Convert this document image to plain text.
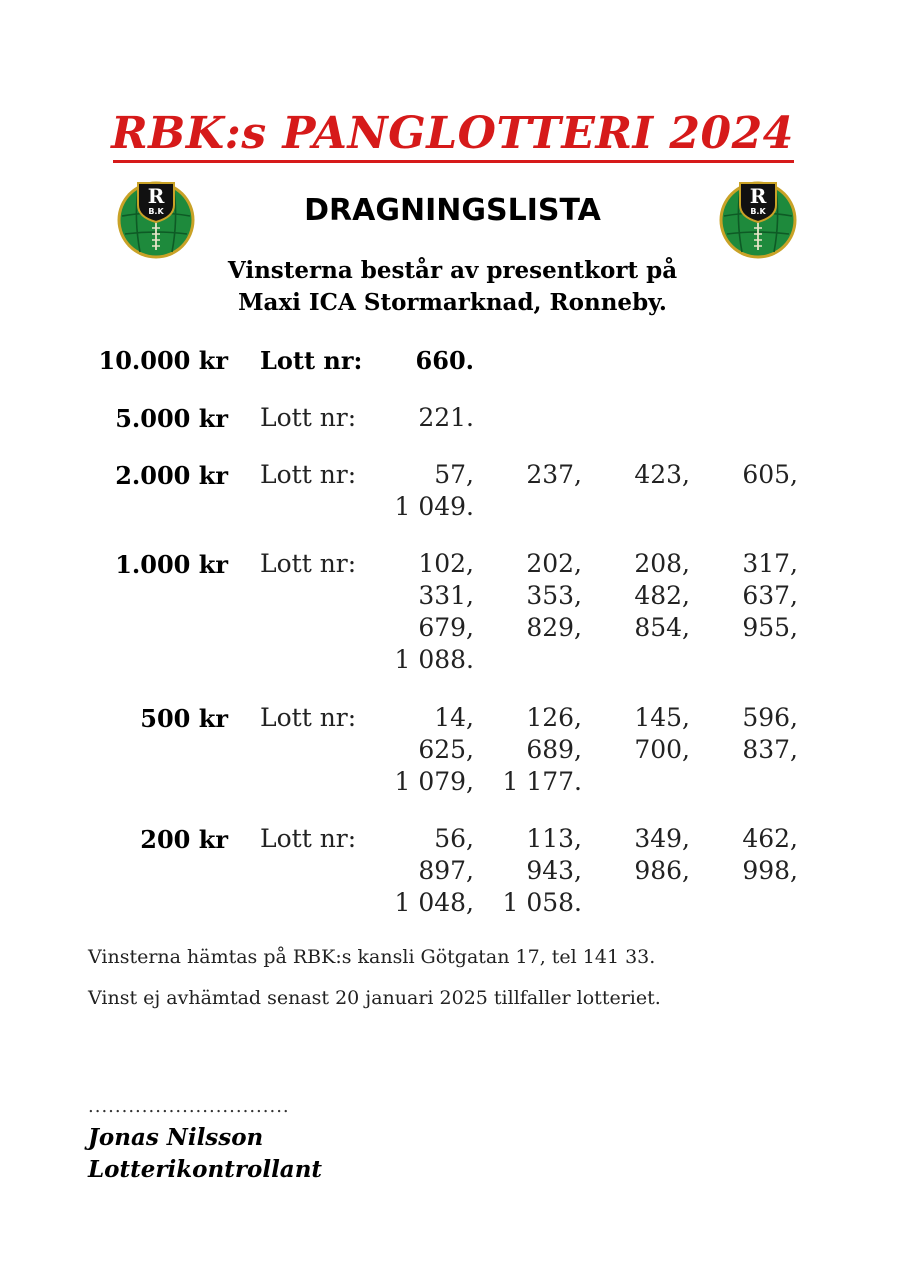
RBK:s PANGLOTTERI 2024
R
B.K
R
B.K
DRAGNINGSLISTA
Vinsterna består av presentkort på
Maxi ICA Stormarknad, Ronneby.
10.000 kr Lott nr:	660.
5.000 kr Lott nr:	221.
2.000 kr Lott nr:	57,	237,	423,	605,
1 049.
1.000 kr Lott nr:	102,	202,	208,	317,
331,	353,	482,	637,
679,	829,	854,	955,
1 088.
500 kr Lott nr:	14,	126,	145,	596,
625,	689,	700,	837,
1 079,	1 177.
200 kr Lott nr:	56,	113,	349,	462,
897,	943,	986,	998,
1 048,	1 058.
Vinsterna hämtas på RBK:s kansli Götgatan 17, tel 141 33.
Vinst ej avhämtad senast 20 januari 2025 tillfaller lotteriet.
..............................
Jonas Nilsson
Lotterikontrollant
